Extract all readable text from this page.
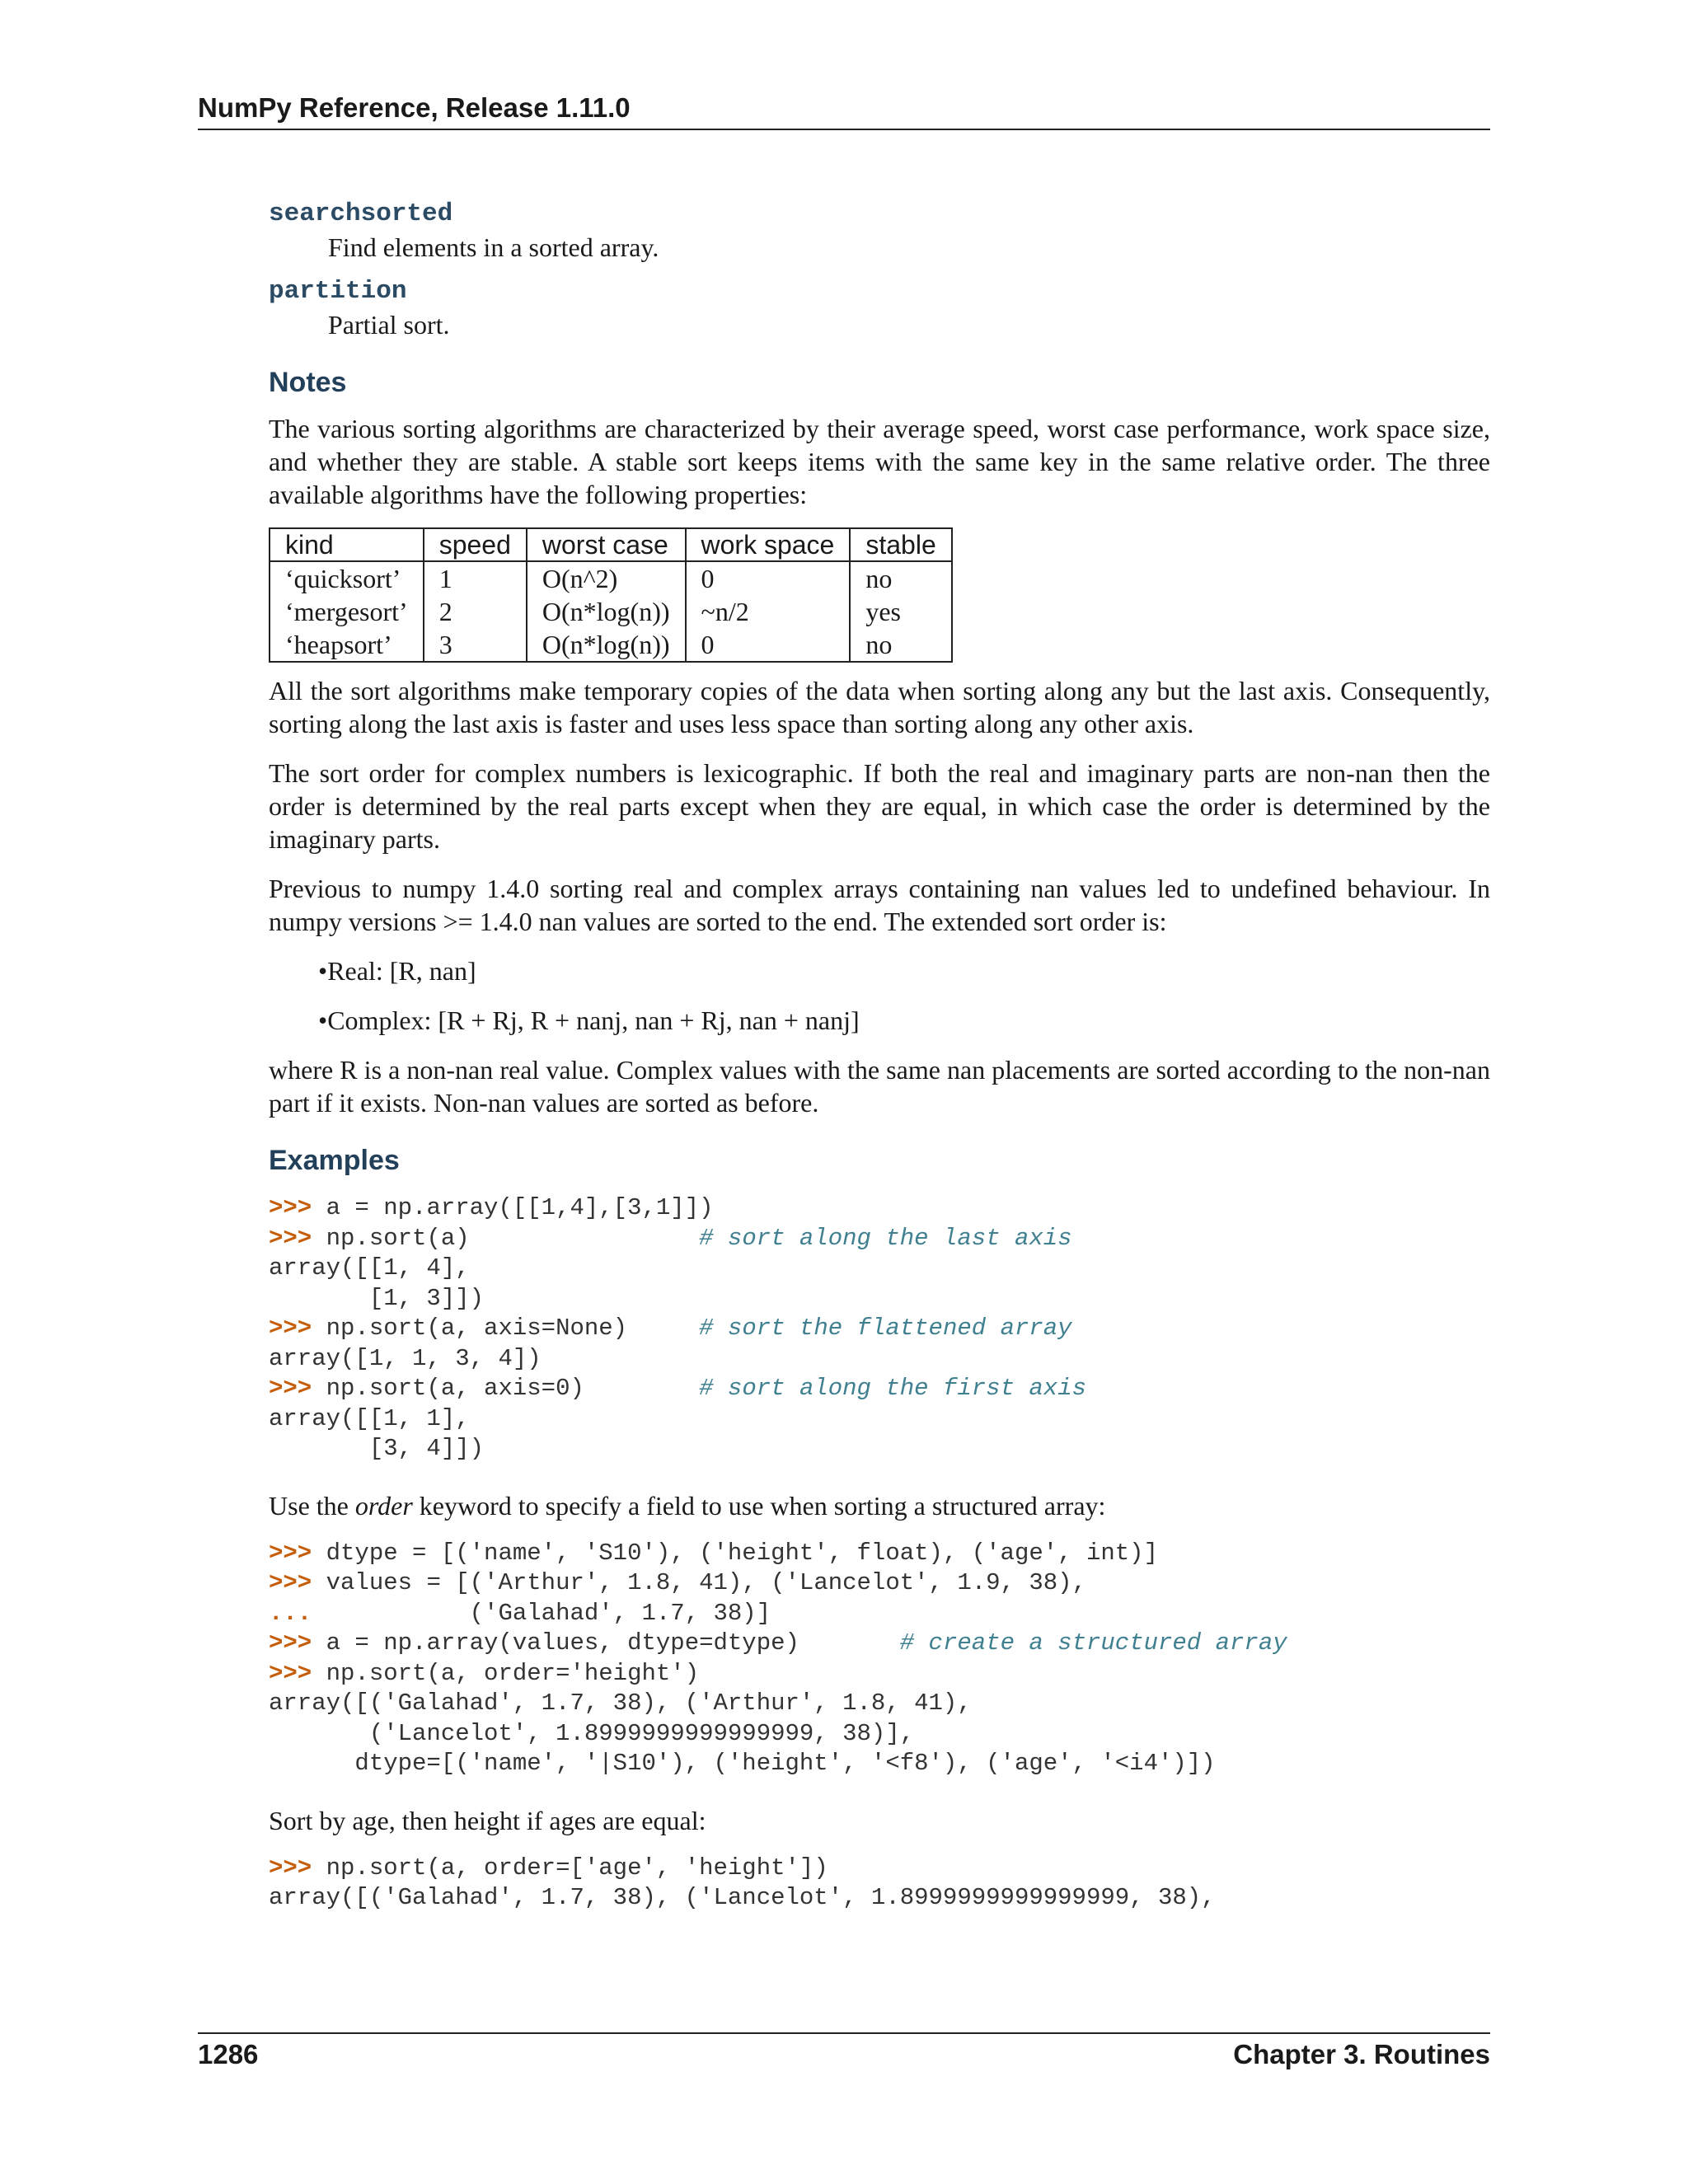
NumPy Reference, Release 1.11.0
searchsorted
Find elements in a sorted array.
partition
Partial sort.
Notes

The various sorting algorithms are characterized by their average speed, worst case performance, work space size, and whether they are stable. A stable sort keeps items with the same key in the same relative order. The three available algorithms have the following properties:

kind	speed	worst case	work space	stable
‘quicksort’	1	O(n^2)	0	no
‘mergesort’	2	O(n*log(n))	~n/2	yes
‘heapsort’	3	O(n*log(n))	0	no

All the sort algorithms make temporary copies of the data when sorting along any but the last axis. Consequently, sorting along the last axis is faster and uses less space than sorting along any other axis.

The sort order for complex numbers is lexicographic. If both the real and imaginary parts are non-nan then the order is determined by the real parts except when they are equal, in which case the order is determined by the imaginary parts.

Previous to numpy 1.4.0 sorting real and complex arrays containing nan values led to undefined behaviour. In numpy versions >= 1.4.0 nan values are sorted to the end. The extended sort order is:

• Real: [R, nan]
• Complex: [R + Rj, R + nanj, nan + Rj, nan + nanj]

where R is a non-nan real value. Complex values with the same nan placements are sorted according to the non-nan part if it exists. Non-nan values are sorted as before.

Examples
>>> a = np.array([[1,4],[3,1]])
>>> np.sort(a)	# sort along the last axis
array([[1, 4],
[1, 3]])
>>> np.sort(a, axis=None)	# sort the flattened array
array([1, 1, 3, 4])
>>> np.sort(a, axis=0)	# sort along the first axis
array([[1, 1],
[3, 4]])

Use the order keyword to specify a field to use when sorting a structured array:

>>> dtype = [('name', 'S10'), ('height', float), ('age', int)]
>>> values = [('Arthur', 1.8, 41), ('Lancelot', 1.9, 38),
...           ('Galahad', 1.7, 38)]
>>> a = np.array(values, dtype=dtype)	# create a structured array
>>> np.sort(a, order='height')
array([('Galahad', 1.7, 38), ('Arthur', 1.8, 41),
('Lancelot', 1.8999999999999999, 38)],
dtype=[('name', '|S10'), ('height', '<f8'), ('age', '<i4')])

Sort by age, then height if ages are equal:

>>> np.sort(a, order=['age', 'height'])
array([('Galahad', 1.7, 38), ('Lancelot', 1.8999999999999999, 38),
1286	Chapter 3. Routines
